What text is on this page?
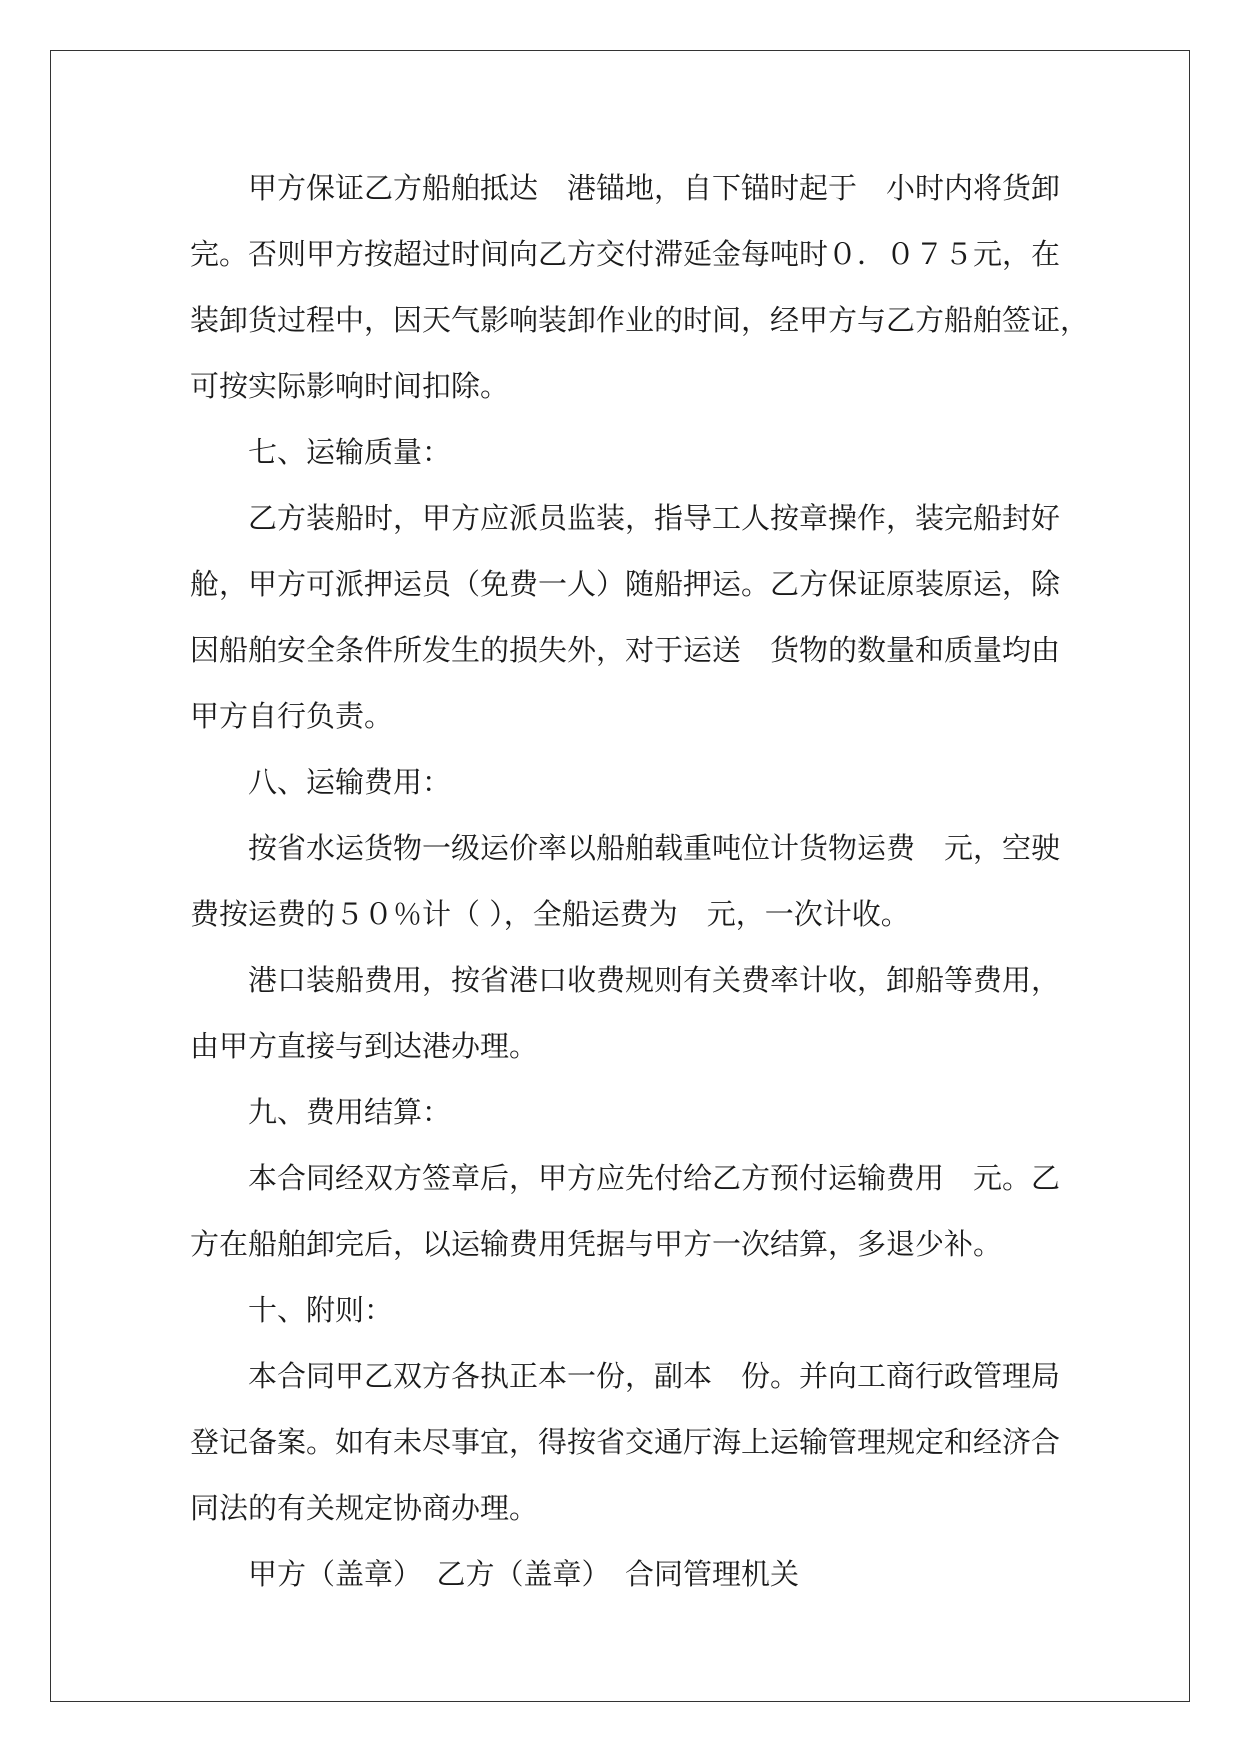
甲方保证乙方船舶抵达　港锚地，自下锚时起于　小时内将货卸
完。否则甲方按超过时间向乙方交付滞延金每吨时０．０７５元，在
装卸货过程中，因天气影响装卸作业的时间，经甲方与乙方船舶签证，
可按实际影响时间扣除。
七、运输质量：
乙方装船时，甲方应派员监装，指导工人按章操作，装完船封好
舱，甲方可派押运员（免费一人）随船押运。乙方保证原装原运，除
因船舶安全条件所发生的损失外，对于运送　货物的数量和质量均由
甲方自行负责。
八、运输费用：
按省水运货物一级运价率以船舶载重吨位计货物运费　元，空驶
费按运费的５０％计（ ），全船运费为　元，一次计收。
港口装船费用，按省港口收费规则有关费率计收，卸船等费用，
由甲方直接与到达港办理。
九、费用结算：
本合同经双方签章后，甲方应先付给乙方预付运输费用　元。乙
方在船舶卸完后，以运输费用凭据与甲方一次结算，多退少补。
十、附则：
本合同甲乙双方各执正本一份，副本　份。并向工商行政管理局
登记备案。如有未尽事宜，得按省交通厅海上运输管理规定和经济合
同法的有关规定协商办理。
甲方（盖章）　乙方（盖章）　合同管理机关
